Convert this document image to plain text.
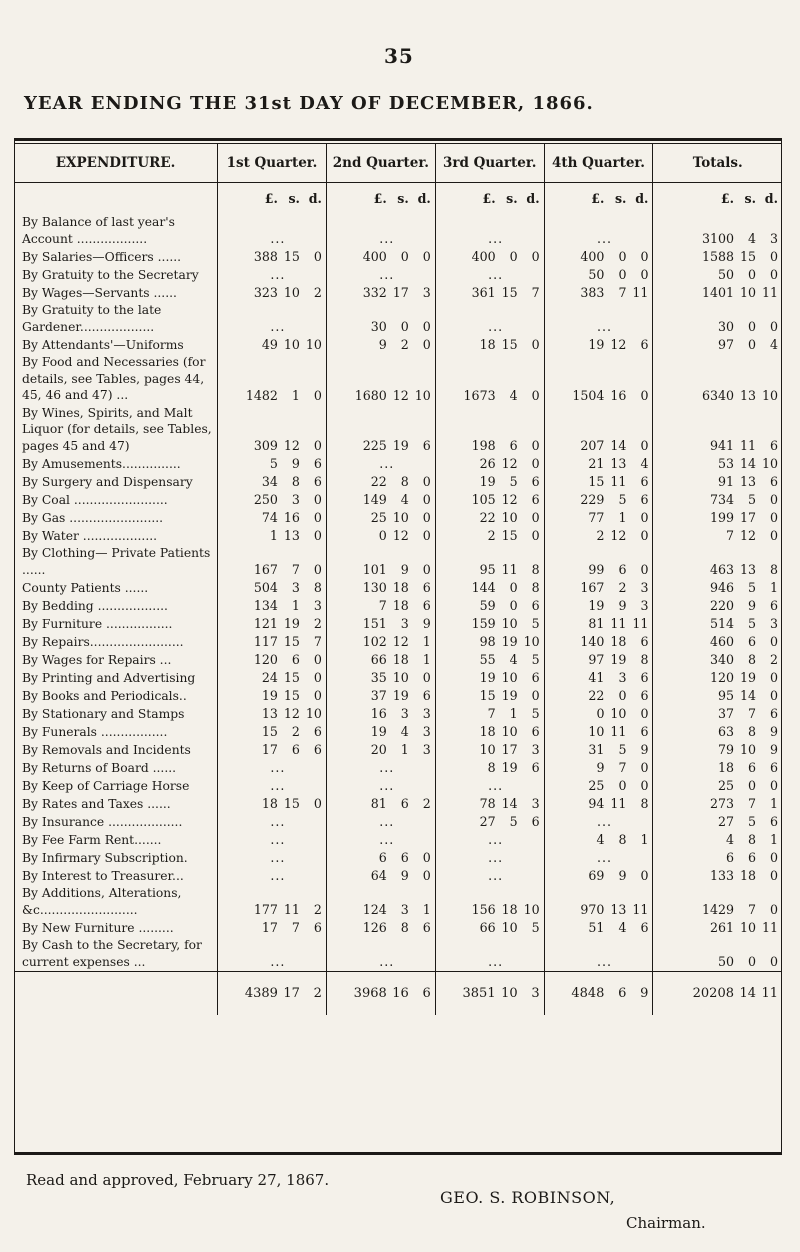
35
YEAR ENDING THE 31st DAY OF DECEMBER, 1866.
EXPENDITURE.	1st Quarter.	2nd Quarter.	3rd Quarter.	4th Quarter.	Totals.

	£. s. d.	£. s. d.	£. s. d.	£. s. d.	£. s. d.

By Balance of last year's Account ..................	...	...	...	...	3100 4 3

By Salaries—Officers ......	388 15 0	400 0 0	400 0 0	400 0 0	1588 15 0

By Gratuity to the Secretary	...	...	...	50 0 0	50 0 0

By Wages—Servants ......	323 10 2	332 17 3	361 15 7	383 7 11	1401 10 11

By Gratuity to the late Gardener...................	...	30 0 0	...	...	30 0 0

By Attendants'—Uniforms	49 10 10	9 2 0	18 15 0	19 12 6	97 0 4

By Food and Necessaries (for details, see Tables, pages 44, 45, 46 and 47) ...	1482 1 0	1680 12 10	1673 4 0	1504 16 0	6340 13 10

By Wines, Spirits, and Malt Liquor (for details, see Tables, pages 45 and 47)	309 12 0	225 19 6	198 6 0	207 14 0	941 11 6

By Amusements...............	5 9 6	...	26 12 0	21 13 4	53 14 10

By Surgery and Dispensary	34 8 6	22 8 0	19 5 6	15 11 6	91 13 6

By Coal ........................	250 3 0	149 4 0	105 12 6	229 5 6	734 5 0

By Gas ........................	74 16 0	25 10 0	22 10 0	77 1 0	199 17 0

By Water ...................	1 13 0	0 12 0	2 15 0	2 12 0	7 12 0

By Clothing— Private Patients ......	167 7 0	101 9 0	95 11 8	99 6 0	463 13 8

County Patients ......	504 3 8	130 18 6	144 0 8	167 2 3	946 5 1

By Bedding ..................	134 1 3	7 18 6	59 0 6	19 9 3	220 9 6

By Furniture .................	121 19 2	151 3 9	159 10 5	81 11 11	514 5 3

By Repairs........................	117 15 7	102 12 1	98 19 10	140 18 6	460 6 0

By Wages for Repairs ...	120 6 0	66 18 1	55 4 5	97 19 8	340 8 2

By Printing and Advertising	24 15 0	35 10 0	19 10 6	41 3 6	120 19 0

By Books and Periodicals..	19 15 0	37 19 6	15 19 0	22 0 6	95 14 0

By Stationary and Stamps	13 12 10	16 3 3	7 1 5	0 10 0	37 7 6

By Funerals .................	15 2 6	19 4 3	18 10 6	10 11 6	63 8 9

By Removals and Incidents	17 6 6	20 1 3	10 17 3	31 5 9	79 10 9

By Returns of Board ......	...	...	8 19 6	9 7 0	18 6 6

By Keep of Carriage Horse	...	...	...	25 0 0	25 0 0

By Rates and Taxes ......	18 15 0	81 6 2	78 14 3	94 11 8	273 7 1

By Insurance ...................	...	...	27 5 6	...	27 5 6

By Fee Farm Rent.......	...	...	...	4 8 1	4 8 1

By Infirmary Subscription.	...	6 6 0	...	...	6 6 0

By Interest to Treasurer...	...	64 9 0	...	69 9 0	133 18 0

By Additions, Alterations, &c.........................	177 11 2	124 3 1	156 18 10	970 13 11	1429 7 0

By New Furniture .........	17 7 6	126 8 6	66 10 5	51 4 6	261 10 11

By Cash to the Secretary, for current expenses ...	...	...	...	...	50 0 0

	4389 17 2	3968 16 6	3851 10 3	4848 6 9	20208 14 11
Read and approved, February 27, 1867.
GEO. S. ROBINSON,
Chairman.
